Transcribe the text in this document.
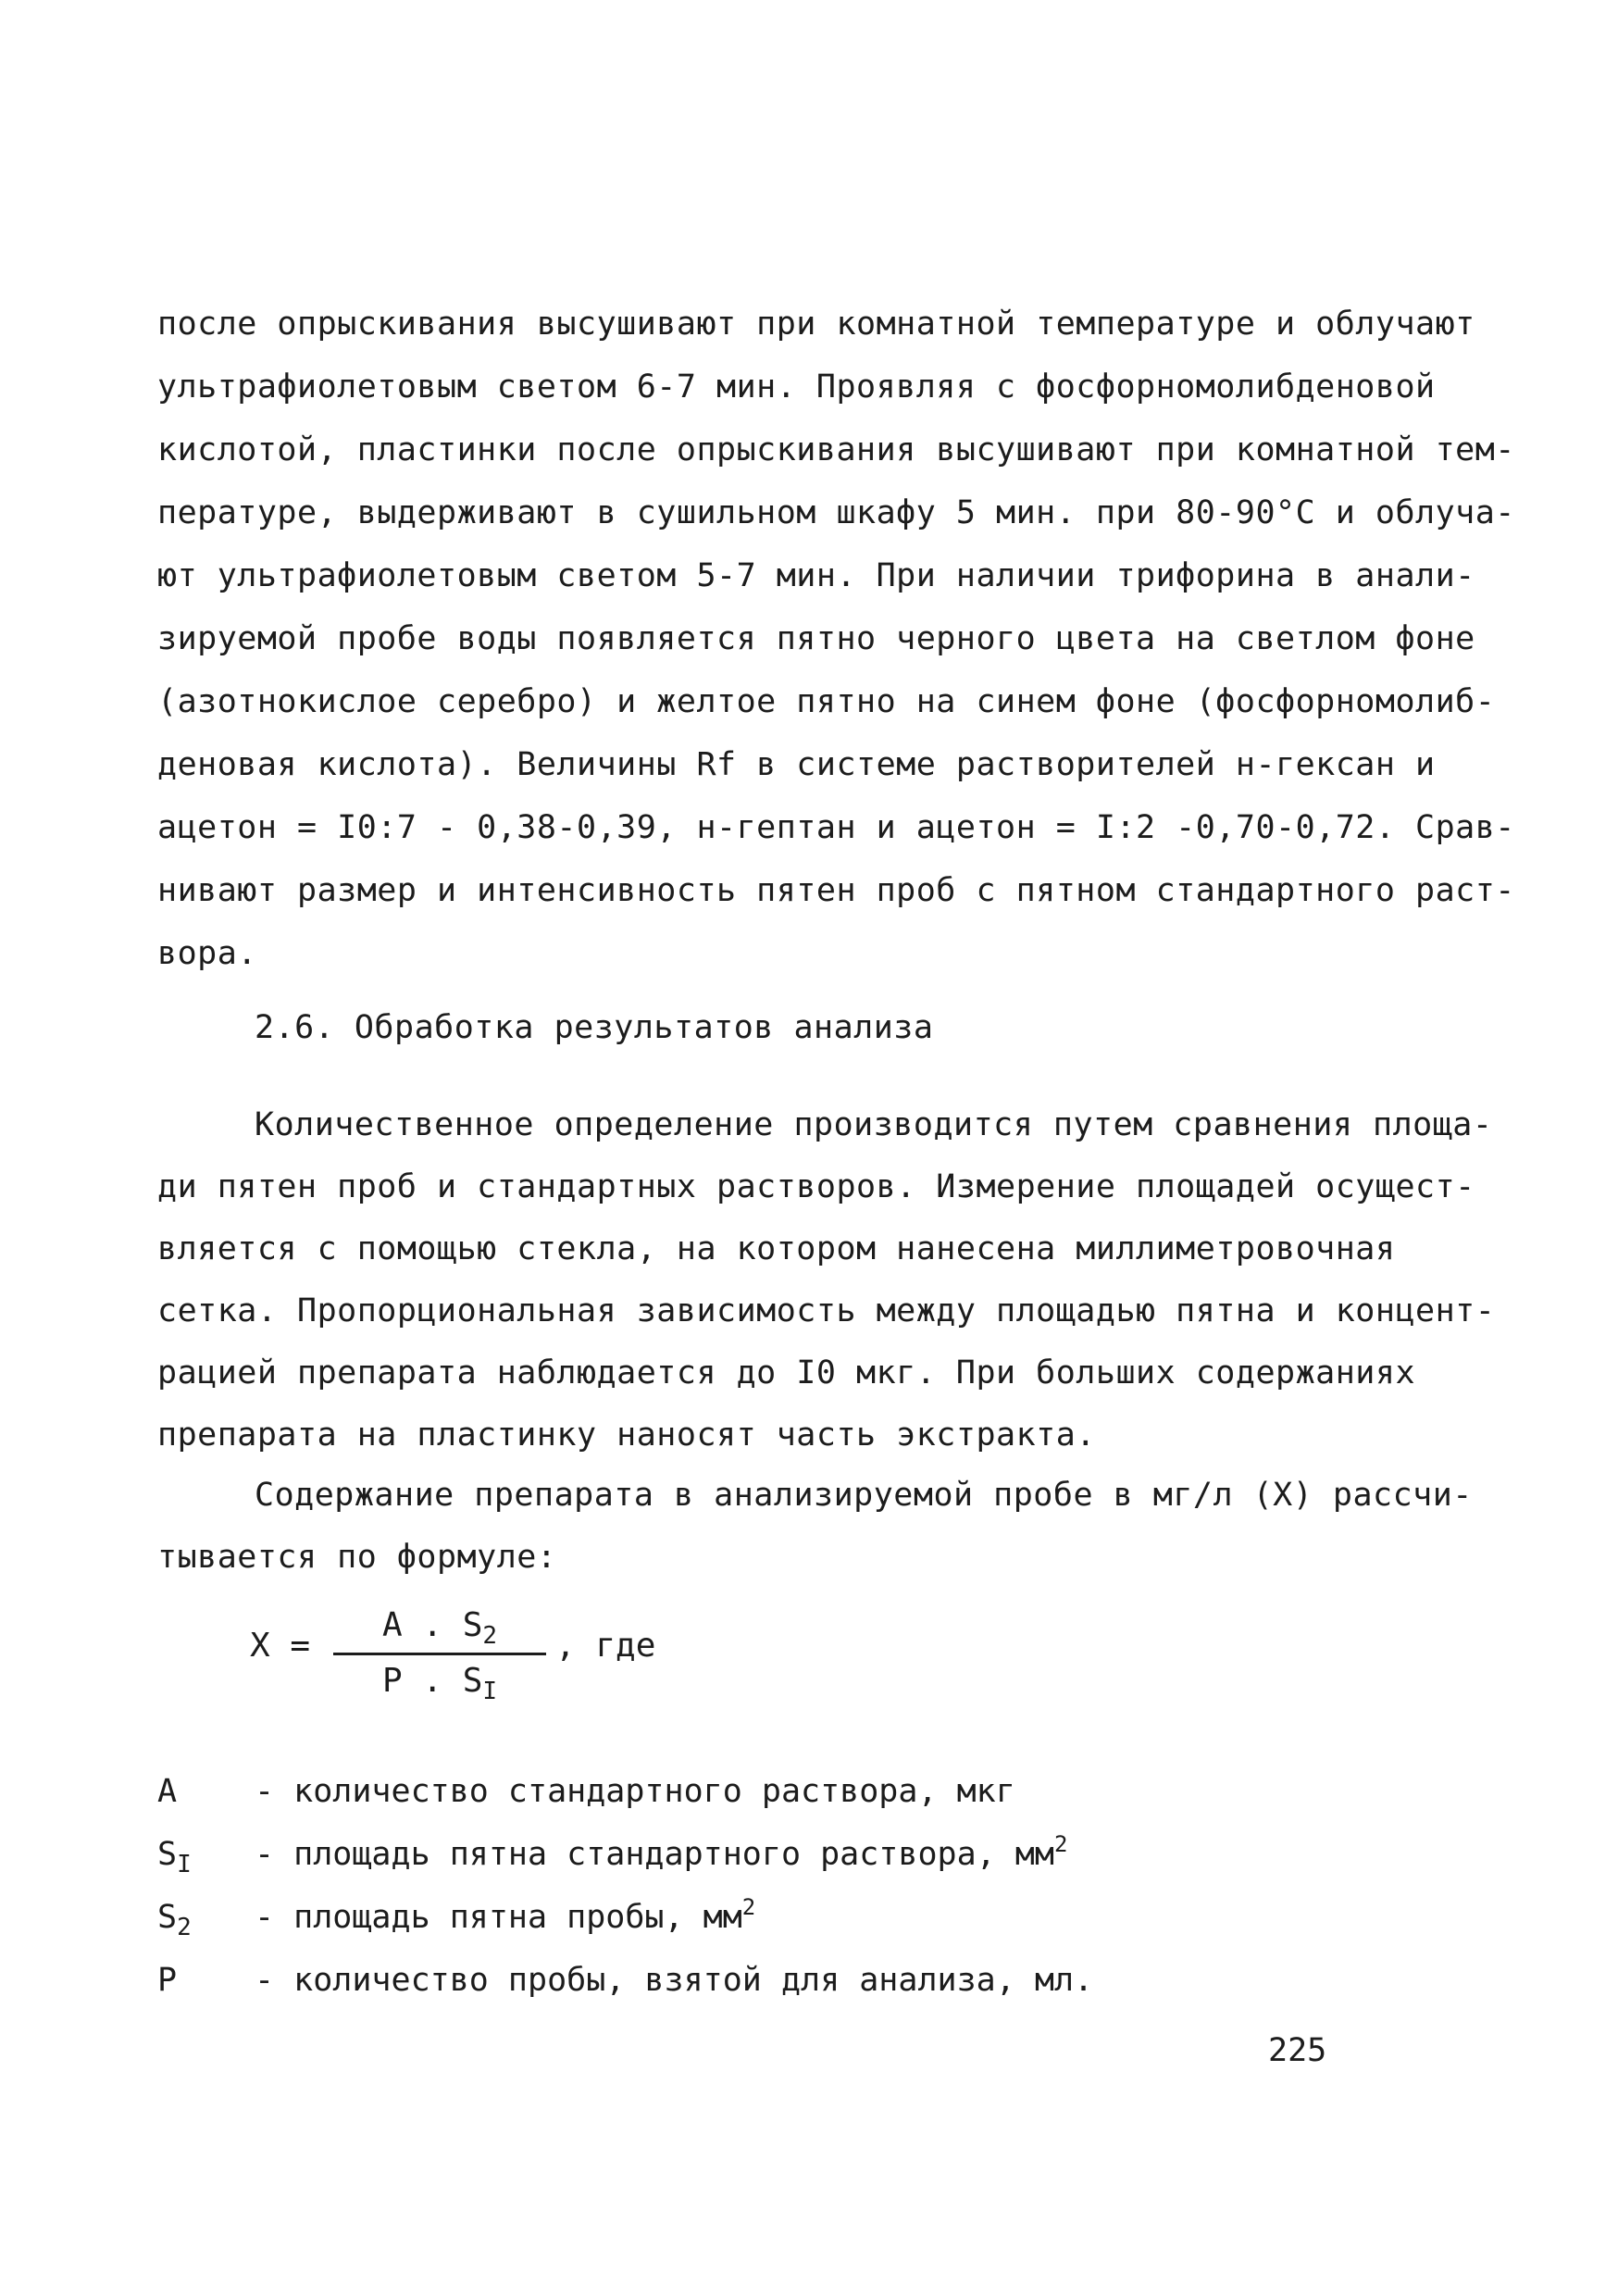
после опрыскивания высушивают при комнатной температуре и облучают
ультрафиолетовым светом 6-7 мин. Проявляя с фосфорномолибденовой
кислотой, пластинки после опрыскивания высушивают при комнатной тем-
пературе, выдерживают в сушильном шкафу 5 мин. при 80-90°С и облуча-
ют ультрафиолетовым светом 5-7 мин. При наличии трифорина в анали-
зируемой пробе воды появляется пятно черного цвета на светлом фоне
(азотнокислое серебро) и желтое пятно на синем фоне (фосфорномолиб-
деновая кислота). Величины Rf в системе растворителей н-гексан и
ацетон = I0:7 - 0,38-0,39, н-гептан и ацетон = I:2 -0,70-0,72. Срав-
нивают размер и интенсивность пятен проб с пятном стандартного раст-
вора.
2.6. Обработка результатов анализа
Количественное определение производится путем сравнения площа-
ди пятен проб и стандартных растворов. Измерение площадей осущест-
вляется с помощью стекла, на котором нанесена миллиметровочная
сетка. Пропорциональная зависимость между площадью пятна и концент-
рацией препарата наблюдается до I0 мкг. При больших содержаниях
препарата на пластинку наносят часть экстракта.
Содержание препарата в анализируемой пробе в мг/л (Х) рассчи-
тывается по формуле:
X =
A . $S_2$
P . $S_I$
, где
A - количество стандартного раствора, мкг
$S_I$ - площадь пятна стандартного раствора, $мм^2$
$S_2$ - площадь пятна пробы, $мм^2$
P - количество пробы, взятой для анализа, мл.
225
